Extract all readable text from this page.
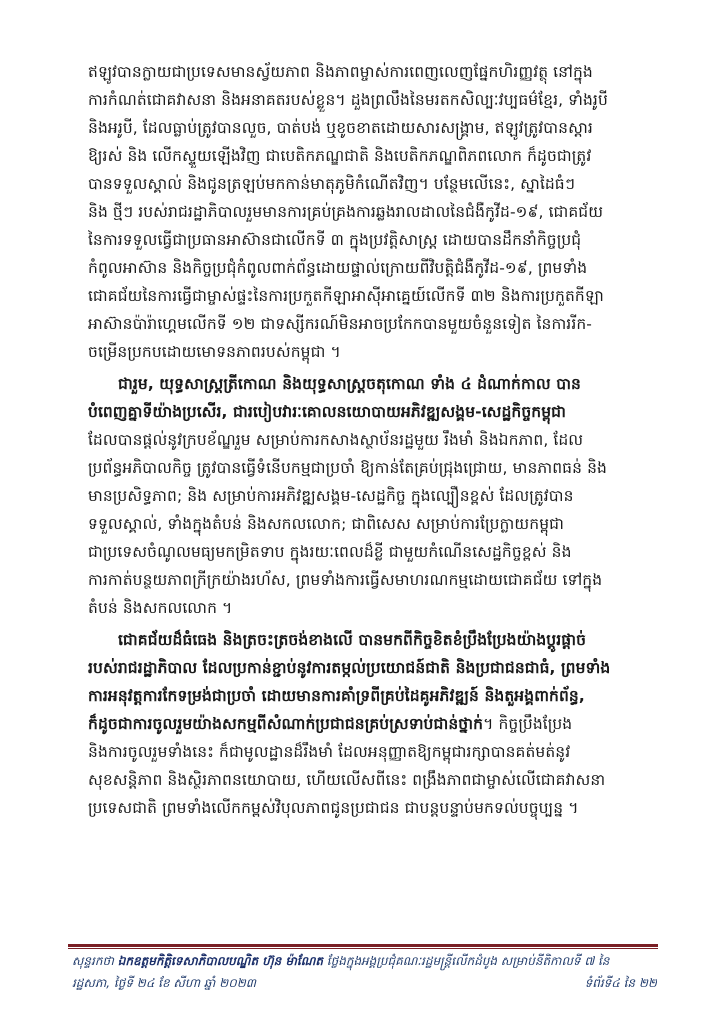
ឥឡូវបានក្លាយជាប្រទេសមានស្វ័យភាព និងភាពម្ចាស់ការពេញលេញផ្នែកហិរញ្ញវត្ថុ នៅក្នុង
ការកំណត់ជោគវាសនា និងអនាគតរបស់ខ្លួន។ ដួងព្រលឹងនៃមរតកសិល្បៈវប្បធម៌ខ្មែរ, ទាំងរូបី
និងអរូបី, ដែលធ្លាប់ត្រូវបានលួច, បាត់បង់ ឬខូចខាតដោយសារសង្គ្រាម, ឥឡូវត្រូវបានស្តារ
ឱ្យរស់ និង លើកស្ទួយឡើងវិញ ជាបេតិកភណ្ឌជាតិ និងបេតិកភណ្ឌពិភពលោក ក៏ដូចជាត្រូវ
បានទទួលស្គាល់ និងជូនត្រឡប់មកកាន់មាតុភូមិកំណើតវិញ។ បន្ថែមលើនេះ, ស្នាដៃធំៗ
និង ថ្មីៗ របស់រាជរដ្ឋាភិបាលរួមមានការគ្រប់គ្រងការឆ្លងរាលដាលនៃជំងឺកូវីដ-១៩, ជោគជ័យ
នៃការទទួលធ្វើជាប្រធានអាស៊ានជាលើកទី ៣ ក្នុងប្រវត្តិសាស្ត្រ ដោយបានដឹកនាំកិច្ចប្រជុំ
កំពូលអាស៊ាន និងកិច្ចប្រជុំកំពូលពាក់ព័ន្ធដោយផ្ទាល់ក្រោយពីវិបត្តិជំងឺកូវីដ-១៩, ព្រមទាំង
ជោគជ័យនៃការធ្វើជាម្ចាស់ផ្ទះនៃការប្រកួតកីឡាអាស៊ីអាគ្នេយ៍លើកទី ៣២ និងការប្រកួតកីឡា
អាស៊ានប៉ារ៉ាហ្គេមលើកទី ១២ ជាទស្សីករណ៍មិនអាចប្រកែកបានមួយចំនួនទៀត នៃការរីក-
ចម្រើនប្រកបដោយមោទនភាពរបស់កម្ពុជា ។

ជារួម, យុទ្ធសាស្ត្រត្រីកោណ និងយុទ្ធសាស្ត្រចតុកោណ ទាំង ៤ ដំណាក់កាល បាន
បំពេញគ្នាទីយ៉ាងប្រសើរ, ជារបៀបវារៈគោលនយោបាយអភិវឌ្ឍសង្គម-សេដ្ឋកិច្ចកម្ពុជា
ដែលបានផ្តល់នូវក្របខ័ណ្ឌរួម សម្រាប់ការកសាងស្ថាប័នរដ្ឋមួយ រឹងមាំ និងឯកភាព, ដែល
ប្រព័ន្ធអភិបាលកិច្ច ត្រូវបានធ្វើទំនើបកម្មជាប្រចាំ ឱ្យកាន់តែគ្រប់ជ្រុងជ្រោយ, មានភាពធន់ និង
មានប្រសិទ្ធភាព; និង សម្រាប់ការអភិវឌ្ឍសង្គម-សេដ្ឋកិច្ច ក្នុងល្បឿនខ្ពស់ ដែលត្រូវបាន
ទទួលស្គាល់, ទាំងក្នុងតំបន់ និងសកលលោក; ជាពិសេស សម្រាប់ការប្រែក្លាយកម្ពុជា
ជាប្រទេសចំណូលមធ្យមកម្រិតទាប ក្នុងរយៈពេលដ៏ខ្លី ជាមួយកំណើនសេដ្ឋកិច្ចខ្ពស់ និង
ការកាត់បន្ថយភាពក្រីក្រយ៉ាងរហ័ស, ព្រមទាំងការធ្វើសមាហរណកម្មដោយជោគជ័យ ទៅក្នុង
តំបន់ និងសកលលោក ។

ជោគជ័យដ៏ធំធេង និងត្រចះត្រចង់ខាងលើ បានមកពីកិច្ចខិតខំប្រឹងប្រែងយ៉ាងប្តូរផ្តាច់
របស់រាជរដ្ឋាភិបាល ដែលប្រកាន់ខ្ជាប់នូវការតម្កល់ប្រយោជន៍ជាតិ និងប្រជាជនជាធំ, ព្រមទាំង
ការអនុវត្តការកែទម្រង់ជាប្រចាំ ដោយមានការគាំទ្រពីគ្រប់ដៃគូអភិវឌ្ឍន៍ និងតួអង្គពាក់ព័ន្ធ,
ក៏ដូចជាការចូលរួមយ៉ាងសកម្មពីសំណាក់ប្រជាជនគ្រប់ស្រទាប់ជាន់ថ្នាក់។ កិច្ចប្រឹងប្រែង
និងការចូលរួមទាំងនេះ ក៏ជាមូលដ្ឋានដ៏រឹងមាំ ដែលអនុញ្ញាតឱ្យកម្ពុជារក្សាបានគត់មត់នូវ
សុខសន្តិភាព និងស្ថិរភាពនយោបាយ, ហើយលើសពីនេះ ពង្រឹងភាពជាម្ចាស់លើជោគវាសនា
ប្រទេសជាតិ ព្រមទាំងលើកកម្ពស់វិបុលភាពជូនប្រជាជន ជាបន្តបន្ទាប់មកទល់បច្ចុប្បន្ន ។

សុន្ទរកថា ឯកឧត្តមកិត្តិទេសាភិបាលបណ្ឌិត ហ៊ុន ម៉ាណែត ថ្លែងក្នុងអង្គប្រជុំគណៈរដ្ឋមន្ត្រីលើកដំបូង សម្រាប់នីតិកាលទី ៧ នៃ
រដ្ឋសភា, ថ្ងៃទី ២៤ ខែ សីហា ឆ្នាំ ២០២៣	ទំព័រទី៤ នៃ ២២
